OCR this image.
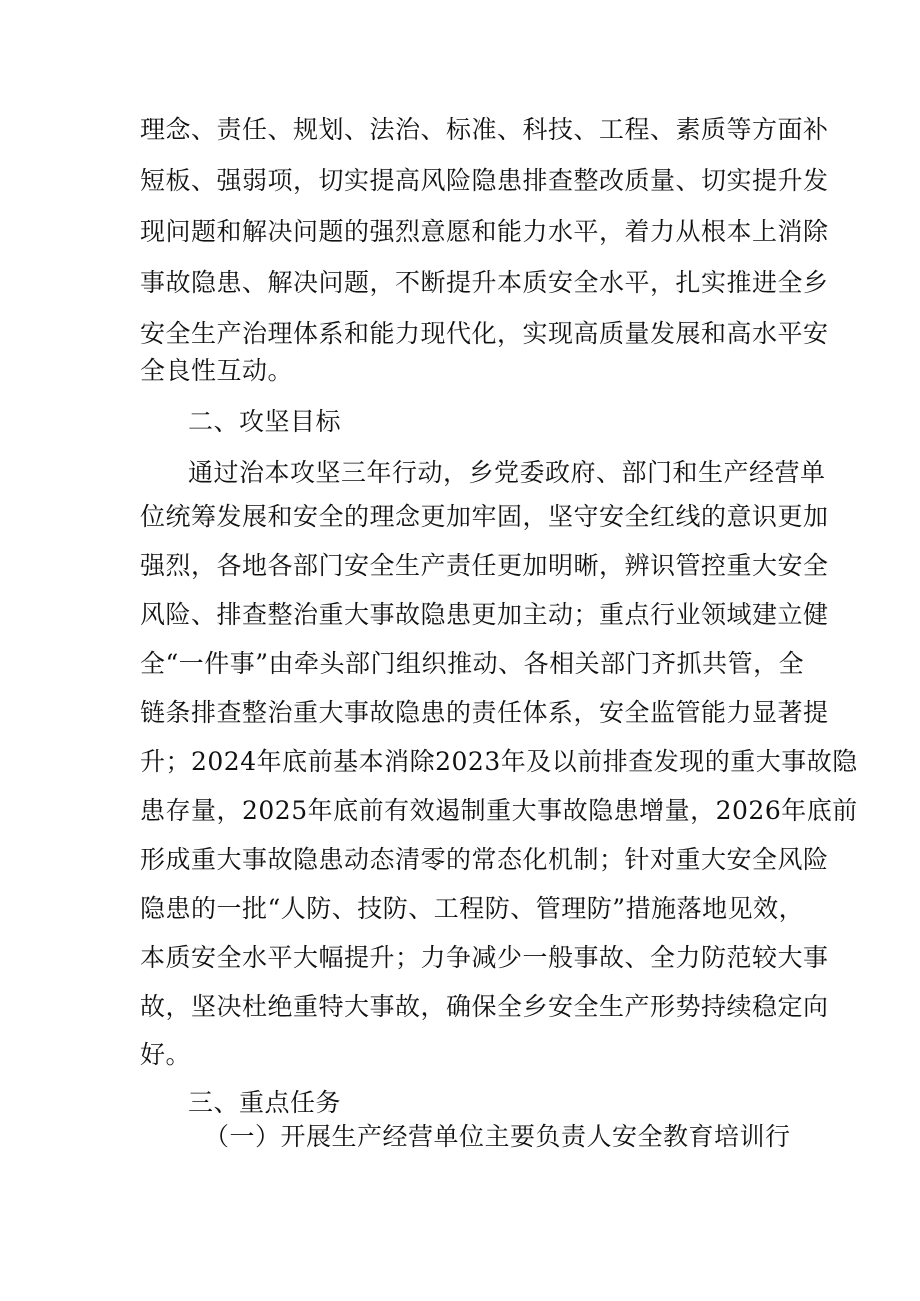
理念、责任、规划、法治、标准、科技、工程、素质等方面补
短板、强弱项，切实提高风险隐患排查整改质量、切实提升发
现问题和解决问题的强烈意愿和能力水平，着力从根本上消除
事故隐患、解决问题，不断提升本质安全水平，扎实推进全乡
安全生产治理体系和能力现代化，实现高质量发展和高水平安
全良性互动。
二、攻坚目标
通过治本攻坚三年行动，乡党委政府、部门和生产经营单
位统筹发展和安全的理念更加牢固，坚守安全红线的意识更加
强烈，各地各部门安全生产责任更加明晰，辨识管控重大安全
风险、排查整治重大事故隐患更加主动；重点行业领域建立健
全“一件事”由牵头部门组织推动、各相关部门齐抓共管，全
链条排查整治重大事故隐患的责任体系，安全监管能力显著提
升；2024年底前基本消除2023年及以前排查发现的重大事故隐
患存量，2025年底前有效遏制重大事故隐患增量，2026年底前
形成重大事故隐患动态清零的常态化机制；针对重大安全风险
隐患的一批“人防、技防、工程防、管理防”措施落地见效，
本质安全水平大幅提升；力争减少一般事故、全力防范较大事
故，坚决杜绝重特大事故，确保全乡安全生产形势持续稳定向
好。
三、重点任务
（一）开展生产经营单位主要负责人安全教育培训行
